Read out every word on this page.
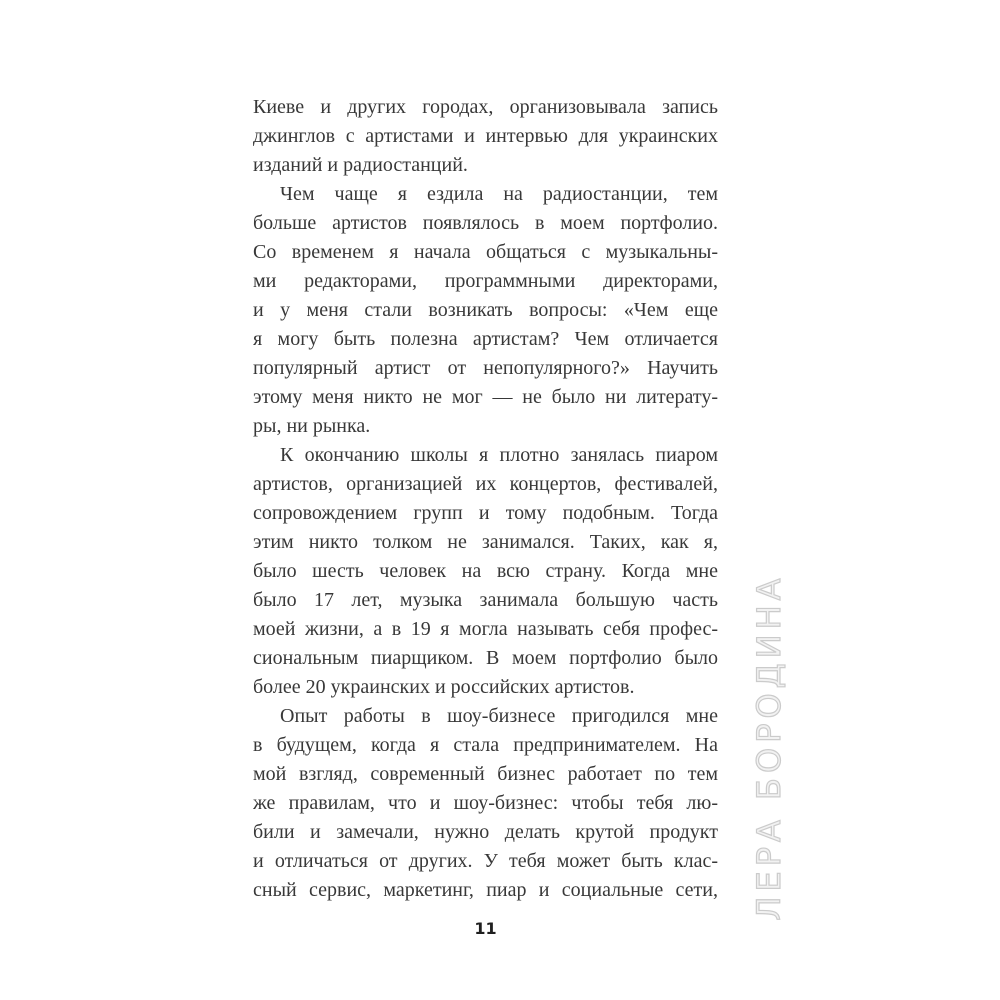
Киеве и других городах, организовывала запись
джинглов с артистами и интервью для украинских
изданий и радиостанций.
Чем чаще я ездила на радиостанции, тем
больше артистов появлялось в моем портфолио.
Со временем я начала общаться с музыкальны-
ми редакторами, программными директорами,
и у меня стали возникать вопросы: «Чем еще
я могу быть полезна артистам? Чем отличается
популярный артист от непопулярного?» Научить
этому меня никто не мог — не было ни литерату-
ры, ни рынка.
К окончанию школы я плотно занялась пиаром
артистов, организацией их концертов, фестивалей,
сопровождением групп и тому подобным. Тогда
этим никто толком не занимался. Таких, как я,
было шесть человек на всю страну. Когда мне
было 17 лет, музыка занимала большую часть
моей жизни, а в 19 я могла называть себя профес-
сиональным пиарщиком. В моем портфолио было
более 20 украинских и российских артистов.
Опыт работы в шоу-бизнесе пригодился мне
в будущем, когда я стала предпринимателем. На
мой взгляд, современный бизнес работает по тем
же правилам, что и шоу-бизнес: чтобы тебя лю-
били и замечали, нужно делать крутой продукт
и отличаться от других. У тебя может быть клас-
сный сервис, маркетинг, пиар и социальные сети, ЛЕРА БОРОДИНА
11
